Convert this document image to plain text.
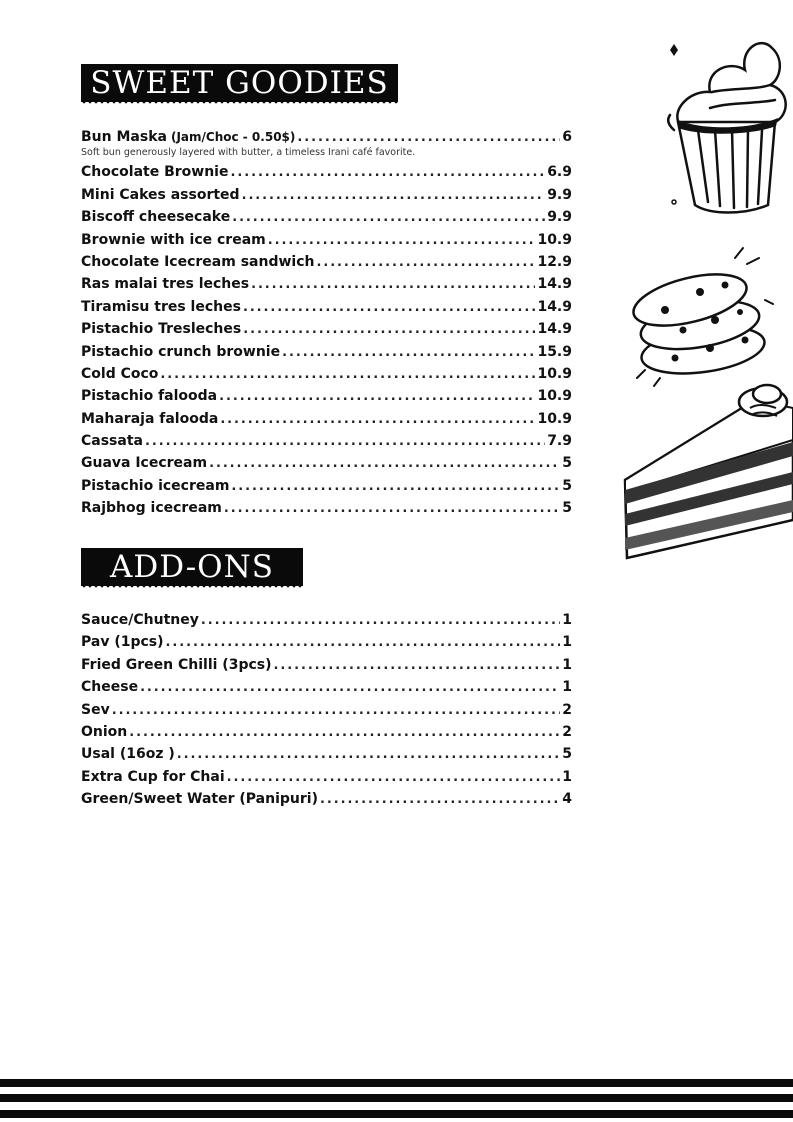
SWEET GOODIES
Bun Maska (Jam/Choc - 0.50$) . . .	6
Soft bun generously layered with butter, a timeless Irani café favorite.
Chocolate Brownie . . .	6.9
Mini Cakes assorted . . .	9.9
Biscoff cheesecake . . .	9.9
Brownie with ice cream . . .	10.9
Chocolate Icecream sandwich . . .	12.9
Ras malai tres leches . . .	14.9
Tiramisu tres leches . . .	14.9
Pistachio Tresleches . . .	14.9
Pistachio crunch brownie . . .	15.9
Cold Coco . . .	10.9
Pistachio falooda . . .	10.9
Maharaja falooda . . .	10.9
Cassata . . .	7.9
Guava Icecream . . .	5
Pistachio icecream . . .	5
Rajbhog icecream . . .	5
ADD-ONS
Sauce/Chutney . . .	1
Pav (1pcs) . . .	1
Fried Green Chilli (3pcs) . . .	1
Cheese . . .	1
Sev . . .	2
Onion . . .	2
Usal (16oz ) . . .	5
Extra Cup for Chai . . .	1
Green/Sweet Water (Panipuri) . . .	4
